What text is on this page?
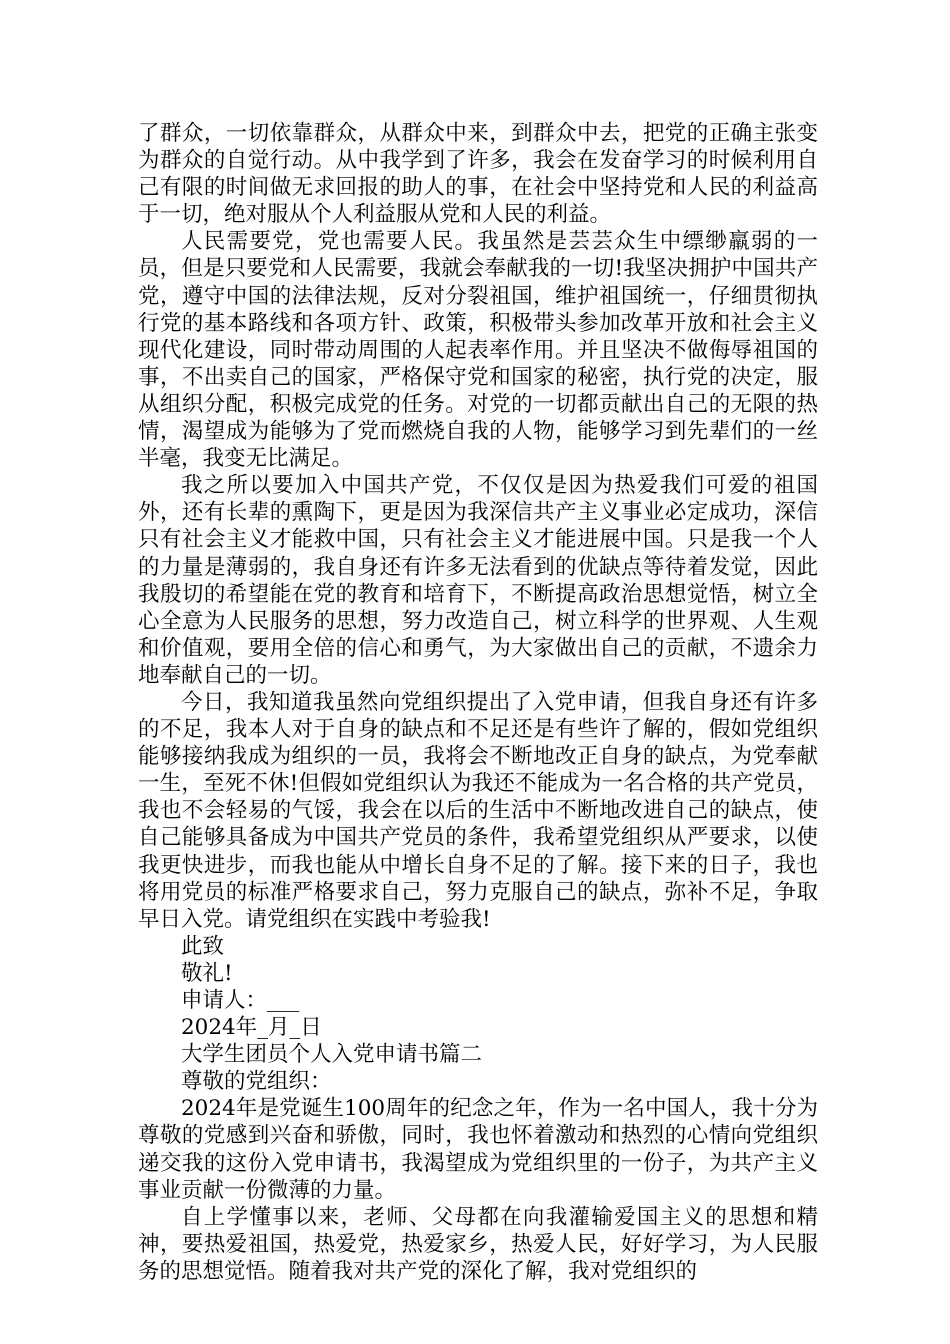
了群众，一切依靠群众，从群众中来，到群众中去，把党的正确主张变为群众的自觉行动。从中我学到了许多，我会在发奋学习的时候利用自己有限的时间做无求回报的助人的事，在社会中坚持党和人民的利益高于一切，绝对服从个人利益服从党和人民的利益。

人民需要党，党也需要人民。我虽然是芸芸众生中缥缈羸弱的一员，但是只要党和人民需要，我就会奉献我的一切!我坚决拥护中国共产党，遵守中国的法律法规，反对分裂祖国，维护祖国统一，仔细贯彻执行党的基本路线和各项方针、政策，积极带头参加改革开放和社会主义现代化建设，同时带动周围的人起表率作用。并且坚决不做侮辱祖国的事，不出卖自己的国家，严格保守党和国家的秘密，执行党的决定，服从组织分配，积极完成党的任务。对党的一切都贡献出自己的无限的热情，渴望成为能够为了党而燃烧自我的人物，能够学习到先辈们的一丝半毫，我变无比满足。

我之所以要加入中国共产党，不仅仅是因为热爱我们可爱的祖国外，还有长辈的熏陶下，更是因为我深信共产主义事业必定成功，深信只有社会主义才能救中国，只有社会主义才能进展中国。只是我一个人的力量是薄弱的，我自身还有许多无法看到的优缺点等待着发觉，因此我殷切的希望能在党的教育和培育下，不断提高政治思想觉悟，树立全心全意为人民服务的思想，努力改造自己，树立科学的世界观、人生观和价值观，要用全倍的信心和勇气，为大家做出自己的贡献，不遗余力地奉献自己的一切。

今日，我知道我虽然向党组织提出了入党申请，但我自身还有许多的不足，我本人对于自身的缺点和不足还是有些许了解的，假如党组织能够接纳我成为组织的一员，我将会不断地改正自身的缺点，为党奉献一生，至死不休!但假如党组织认为我还不能成为一名合格的共产党员，我也不会轻易的气馁，我会在以后的生活中不断地改进自己的缺点，使自己能够具备成为中国共产党员的条件，我希望党组织从严要求，以使我更快进步，而我也能从中增长自身不足的了解。接下来的日子，我也将用党员的标准严格要求自己，努力克服自己的缺点，弥补不足，争取早日入党。请党组织在实践中考验我!

此致

敬礼!

申请人：___

2024年_月_日

大学生团员个人入党申请书篇二

尊敬的党组织：

2024年是党诞生100周年的纪念之年，作为一名中国人，我十分为尊敬的党感到兴奋和骄傲，同时，我也怀着激动和热烈的心情向党组织递交我的这份入党申请书，我渴望成为党组织里的一份子，为共产主义事业贡献一份微薄的力量。

自上学懂事以来，老师、父母都在向我灌输爱国主义的思想和精神，要热爱祖国，热爱党，热爱家乡，热爱人民，好好学习，为人民服务的思想觉悟。随着我对共产党的深化了解，我对党组织的
